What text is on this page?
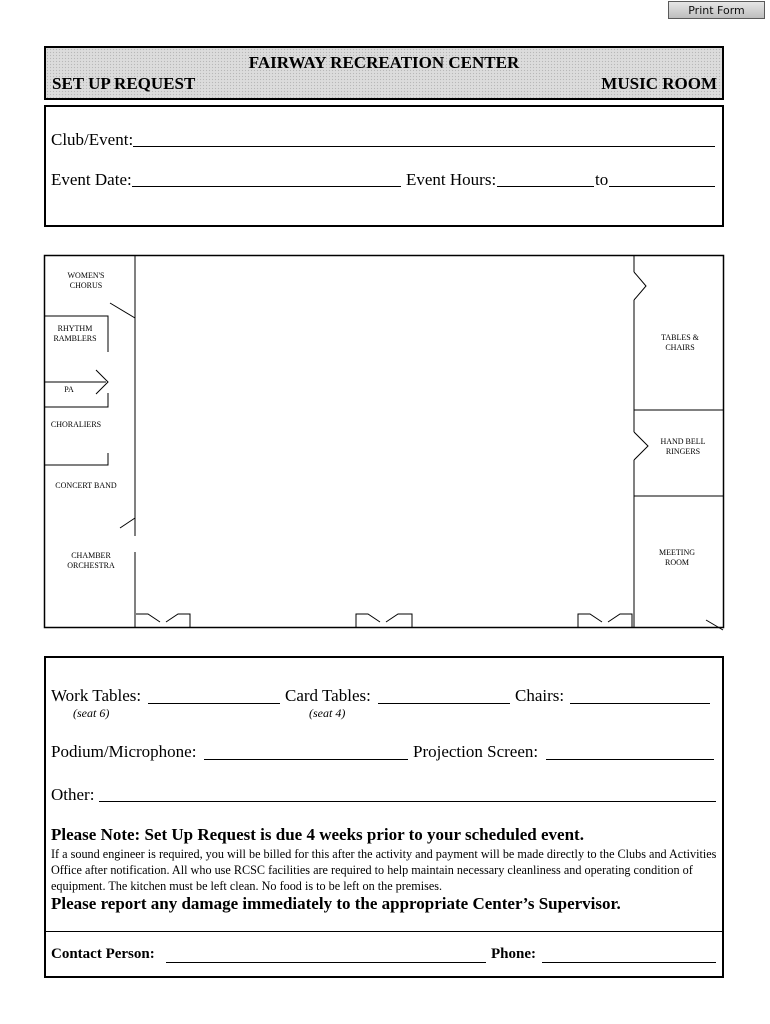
Print Form
FAIRWAY RECREATION CENTER
SET UP REQUEST	MUSIC ROOM
Club/Event:
Event Date:	Event Hours:	to
WOMEN'S CHORUS
RHYTHM RAMBLERS
PA
CHORALIERS
CONCERT BAND
CHAMBER ORCHESTRA
TABLES & CHAIRS
HAND BELL RINGERS
MEETING ROOM
Work Tables:
(seat 6)
Card Tables:
(seat 4)
Chairs:
Podium/Microphone:	Projection Screen:
Other:
Please Note: Set Up Request is due 4 weeks prior to your scheduled event.
If a sound engineer is required, you will be billed for this after the activity and payment will be made directly to the Clubs and Activities Office after notification. All who use RCSC facilities are required to help maintain necessary cleanliness and operating condition of equipment. The kitchen must be left clean. No food is to be left on the premises.
Please report any damage immediately to the appropriate Center’s Supervisor.
Contact Person:	Phone:
